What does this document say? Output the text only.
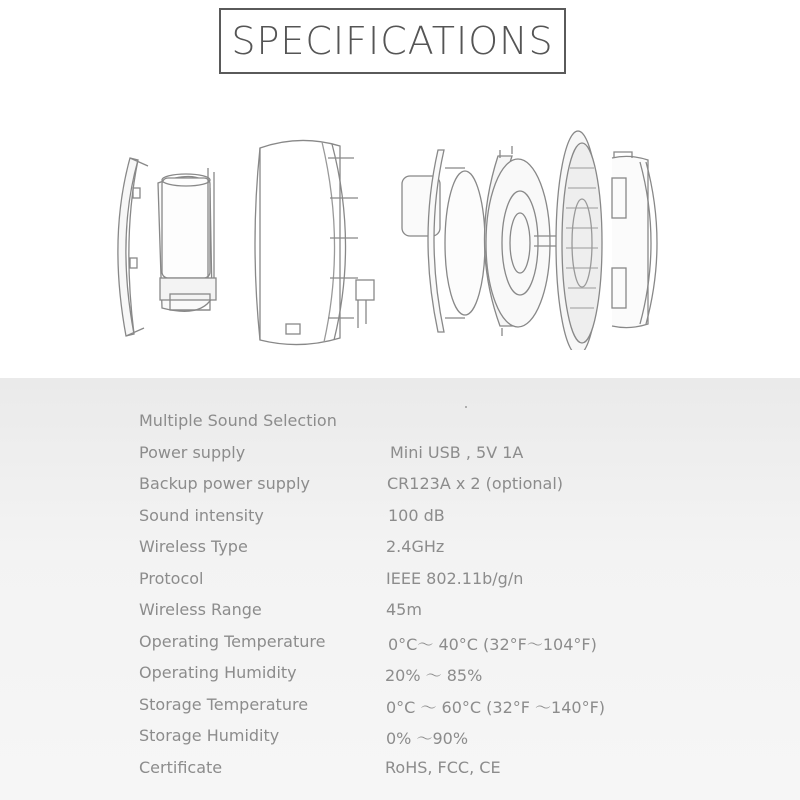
SPECIFICATIONS
Multiple Sound Selection
Power supply	Mini USB , 5V 1A
Backup power supply	CR123A x 2 (optional)
Sound intensity	100 dB
Wireless Type	2.4GHz
Protocol	IEEE 802.11b/g/n
Wireless Range	45m
Operating Temperature	0°C～ 40°C (32°F～104°F)
Operating Humidity	20% ～ 85%
Storage Temperature	0°C ～ 60°C (32°F ～140°F)
Storage Humidity	0% ～90%
Certificate	RoHS, FCC, CE
